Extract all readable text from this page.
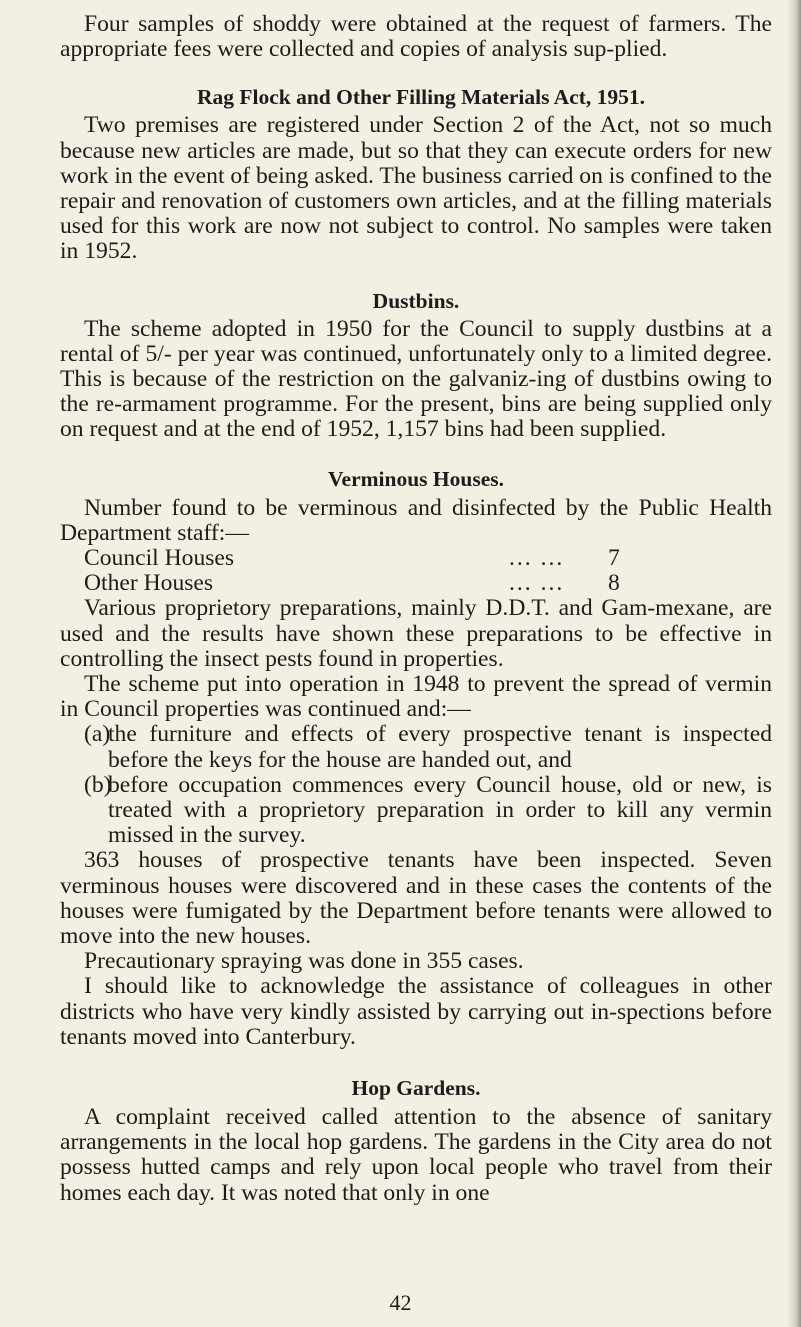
Four samples of shoddy were obtained at the request of farmers. The appropriate fees were collected and copies of analysis sup-plied.

Rag Flock and Other Filling Materials Act, 1951.

Two premises are registered under Section 2 of the Act, not so much because new articles are made, but so that they can execute orders for new work in the event of being asked. The business carried on is confined to the repair and renovation of customers own articles, and at the filling materials used for this work are now not subject to control. No samples were taken in 1952.

Dustbins.

The scheme adopted in 1950 for the Council to supply dustbins at a rental of 5/- per year was continued, unfortunately only to a limited degree. This is because of the restriction on the galvaniz-ing of dustbins owing to the re-armament programme. For the present, bins are being supplied only on request and at the end of 1952, 1,157 bins had been supplied.

Verminous Houses.

Number found to be verminous and disinfected by the Public Health Department staff:—

Council Houses	... ... 7
Other Houses	... ... 8

Various proprietory preparations, mainly D.D.T. and Gam-mexane, are used and the results have shown these preparations to be effective in controlling the insect pests found in properties.

The scheme put into operation in 1948 to prevent the spread of vermin in Council properties was continued and:—

(a)
the furniture and effects of every prospective tenant is inspected before the keys for the house are handed out, and
(b)
before occupation commences every Council house, old or new, is treated with a proprietory preparation in order to kill any vermin missed in the survey.

363 houses of prospective tenants have been inspected. Seven verminous houses were discovered and in these cases the contents of the houses were fumigated by the Department before tenants were allowed to move into the new houses.

Precautionary spraying was done in 355 cases.

I should like to acknowledge the assistance of colleagues in other districts who have very kindly assisted by carrying out in-spections before tenants moved into Canterbury.

Hop Gardens.

A complaint received called attention to the absence of sanitary arrangements in the local hop gardens. The gardens in the City area do not possess hutted camps and rely upon local people who travel from their homes each day. It was noted that only in one

42
